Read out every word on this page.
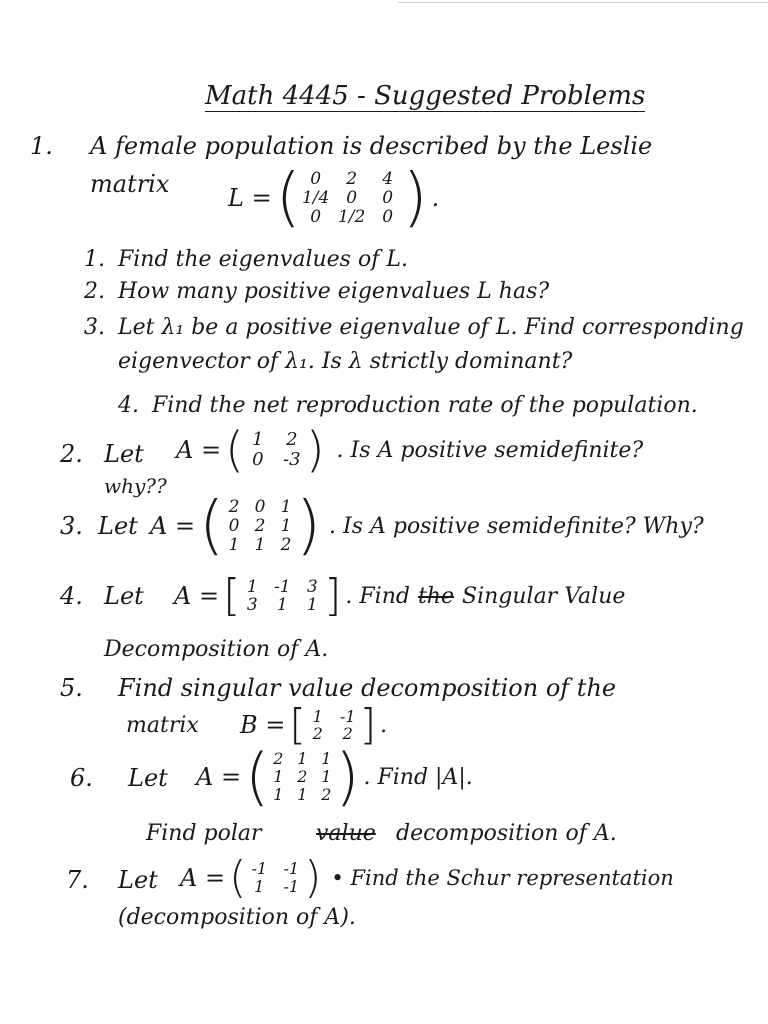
Math 4445 - Suggested Problems
1. A female population is described by the Leslie
matrix L = ( 0	2	4
1/4 0	0
0 1/2 0 ) .
1. Find the eigenvalues of L.
2. How many positive eigenvalues L has?
3. Let λ₁ be a positive eigenvalue of L. Find corresponding
eigenvector of λ₁. Is λ strictly dominant?
4. Find the net reproduction rate of the population.
2. Let A = ( 1	2
0	-3 ) . Is A positive semidefinite?
why??
3. Let A = ( 2 0 1
0 2 1
1 1 2 ) . Is A positive semidefinite? Why?
4. Let A = [ 1 -1 3
3	1	1 ] . Find the Singular Value
Decomposition of A.
5. Find singular value decomposition of the
matrix B = [ 1	-1
2	2 ] .
6. Let A = ( 2 1 1
1 2 1
1 1 2 ) . Find |A|.
Find polar value decomposition of A.
7. Let A = ( -1	-1
1	-1 ) • Find the Schur representation
(decomposition of A).
